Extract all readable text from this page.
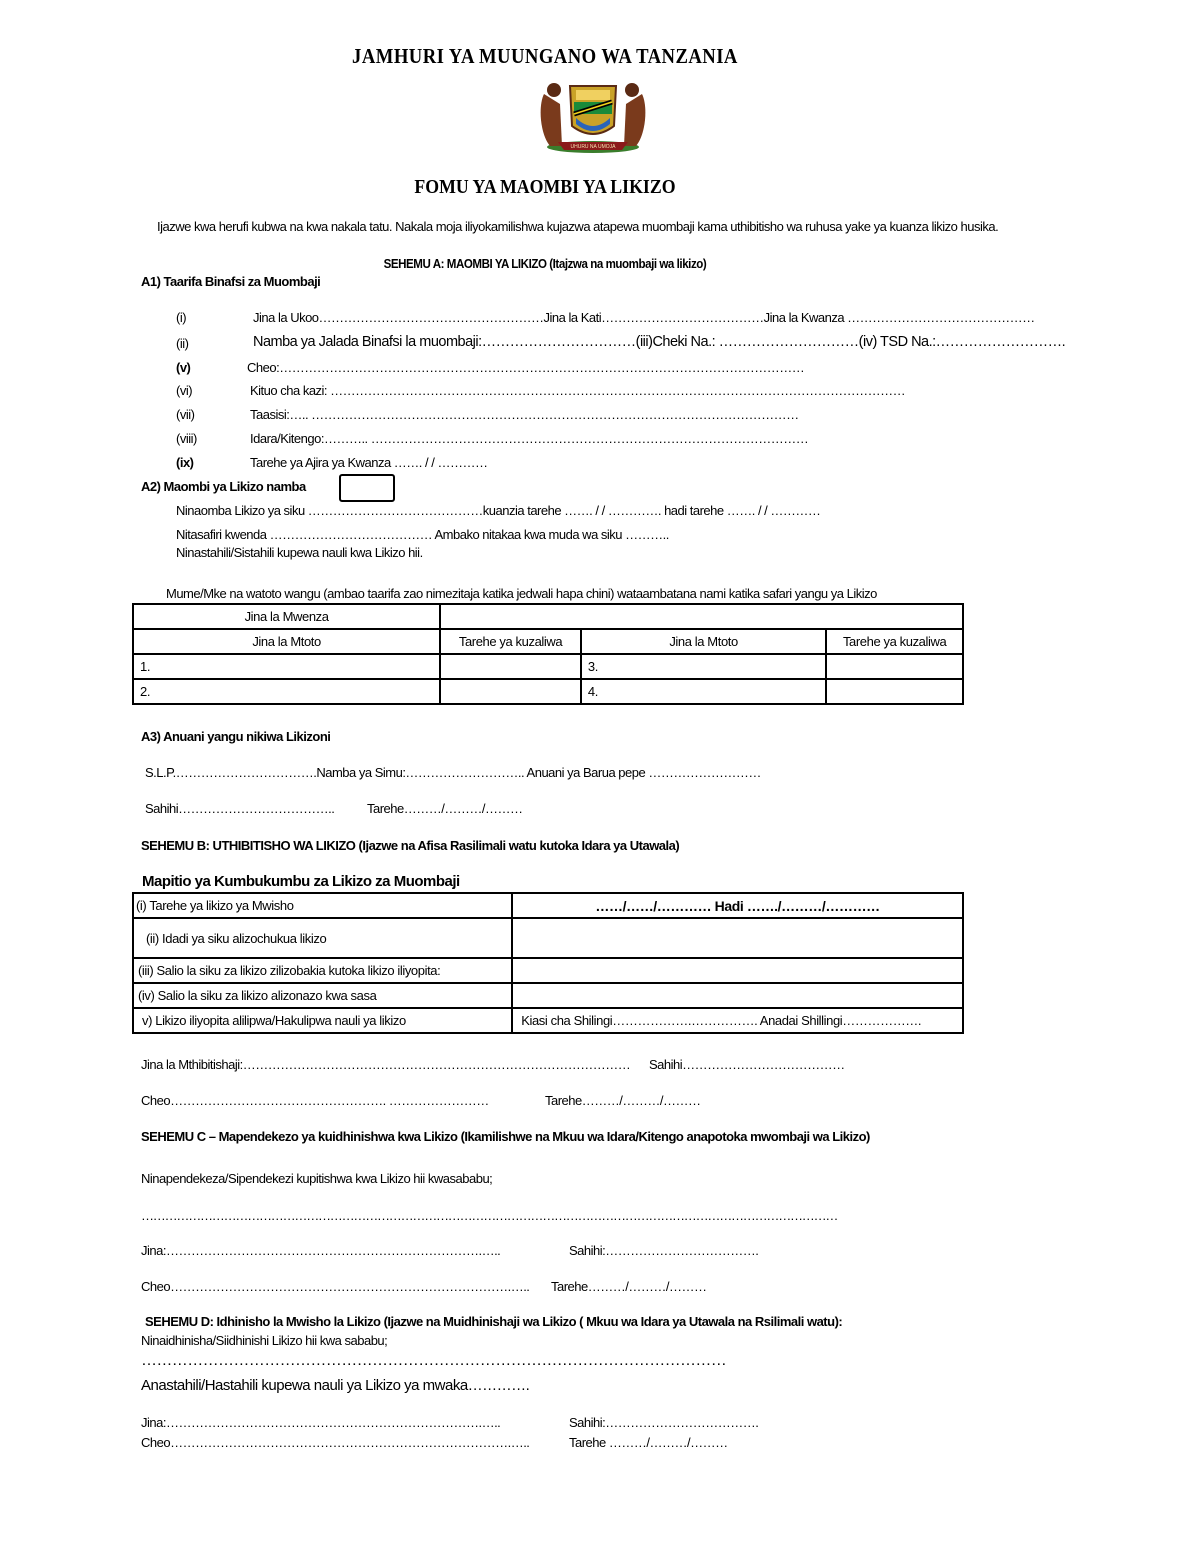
JAMHURI YA MUUNGANO WA TANZANIA
UHURU NA UMOJA
FOMU YA MAOMBI YA LIKIZO
Ijazwe kwa herufi kubwa na kwa nakala tatu. Nakala moja iliyokamilishwa kujazwa atapewa muombaji kama uthibitisho wa ruhusa yake ya kuanza likizo husika.
SEHEMU A: MAOMBI YA LIKIZO (Itajzwa na muombaji wa likizo)
A1) Taarifa Binafsi za Muombaji
(i)	Jina la Ukoo………………………………………………Jina la Kati…………………………………Jina la Kwanza ………………………………………
(ii)	Namba ya Jalada Binafsi la muombaji:……………………………(iii)Cheki Na.: …………………………(iv) TSD Na.:……………………….
(v)	Cheo:………………………………………………………………………………………………………………
(vi)	Kituo cha kazi: …………………………………………………………………………………………………………………………
(vii)	Taasisi:….. ………………………………………………………………………………………………………
(viii)	Idara/Kitengo:……….. ……………………………………………………………………………………………
(ix)	Tarehe ya Ajira ya Kwanza ……. / / …………
A2) Maombi ya Likizo namba
Ninaomba Likizo ya siku ……………………………………kuanzia tarehe ……. / / …………. hadi tarehe ……. / / …………
Nitasafiri kwenda ………………………………… Ambako nitakaa kwa muda wa siku ………..
Ninastahili/Sistahili kupewa nauli kwa Likizo hii.
Mume/Mke na watoto wangu (ambao taarifa zao nimezitaja katika jedwali hapa chini) wataambatana nami katika safari yangu ya Likizo
Jina la Mwenza			
Jina la Mtoto	Tarehe ya kuzaliwa	Jina la Mtoto	Tarehe ya kuzaliwa
1.		3.	
2.		4.	
A3) Anuani yangu nikiwa Likizoni
S.L.P.…………………………….Namba ya Simu:……………………….. Anuani ya Barua pepe ………………………
Sahihi………………………………..	Tarehe………/………/………
SEHEMU B: UTHIBITISHO WA LIKIZO (Ijazwe na Afisa Rasilimali watu kutoka Idara ya Utawala)
Mapitio ya Kumbukumbu za Likizo za Muombaji
(i) Tarehe ya likizo ya Mwisho	……/……/………… Hadi ……./………/…………
(ii) Idadi ya siku alizochukua likizo	
(iii) Salio la siku za likizo zilizobakia kutoka likizo iliyopita:	
(iv) Salio la siku za likizo alizonazo kwa sasa	
v) Likizo iliyopita alilipwa/Hakulipwa nauli ya likizo	Kiasi cha Shilingi……………….……………. Anadai Shillingi……………….
Jina la Mthibitishaji:………………………………………………………………………………… Sahihi…………………………………
Cheo……………………………………………. ……………………	Tarehe………/………/………
SEHEMU C – Mapendekezo ya kuidhinishwa kwa Likizo (Ikamilishwe na Mkuu wa Idara/Kitengo anapotoka mwombaji wa Likizo)
Ninapendekeza/Sipendekezi kupitishwa kwa Likizo hii kwasababu;
……………………………………………………………………………………………………………………………………………………………
Jina:………………………………………………………………….…..	Sahihi:……………………………….
Cheo……………………………………………………………………….….. Tarehe………/………/………
SEHEMU D: Idhinisho la Mwisho la Likizo (Ijazwe na Muidhinishaji wa Likizo ( Mkuu wa Idara ya Utawala na Rsilimali watu):
Ninaidhinisha/Siidhinishi Likizo hii kwa sababu;
……………………………………………………………………………………………………
Anastahili/Hastahili kupewa nauli ya Likizo ya mwaka………….
Jina:………………………………………………………………….…..	Sahihi:……………………………….
Cheo……………………………………………………………………….…..	Tarehe ………/………/………
